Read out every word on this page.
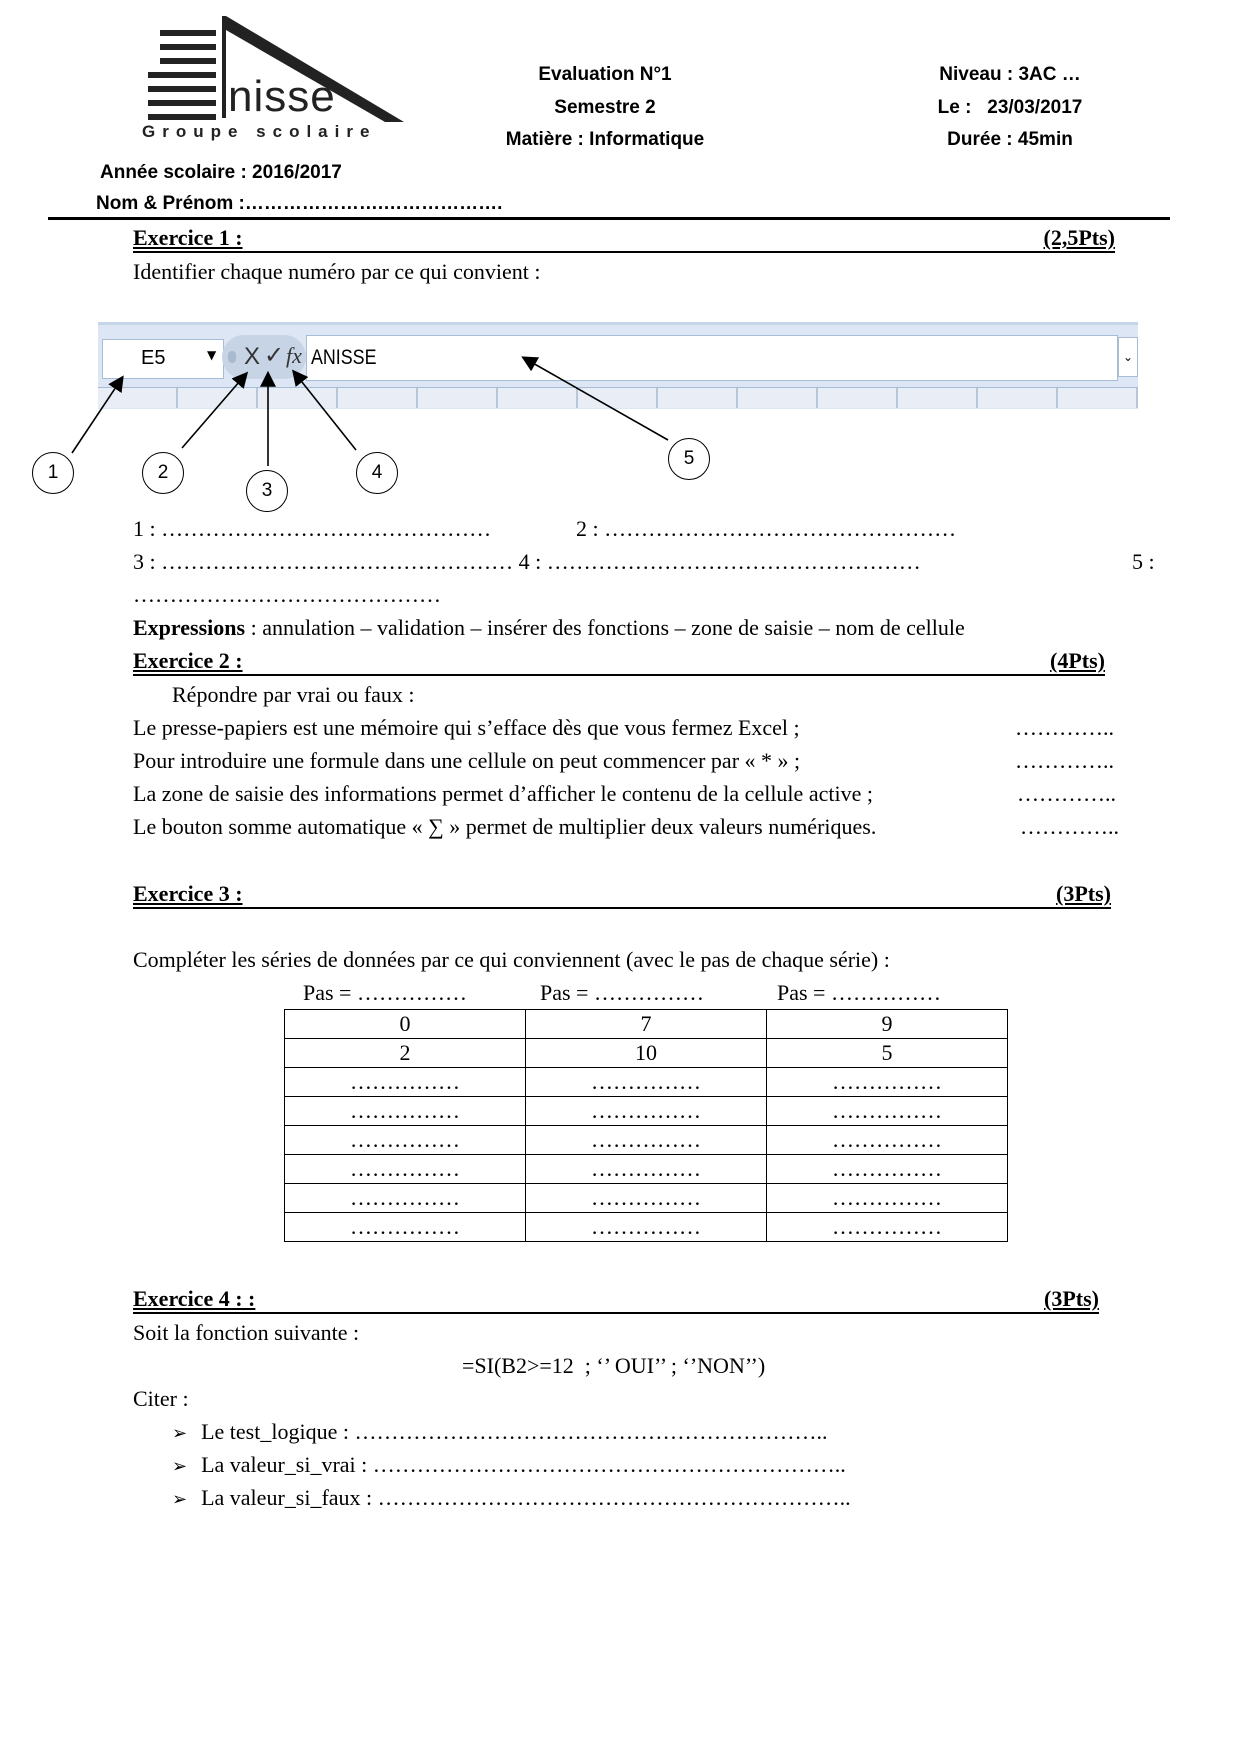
nisse
Groupe scolaire
Evaluation N°1
Semestre 2
Matière : Informatique
Niveau : 3AC …
Le :   23/03/2017
Durée : 45min
Année scolaire : 2016/2017
Nom & Prénom :………………….……………….
Exercice 1 :	(2,5Pts)
Identifier chaque numéro par ce qui convient :
E5	▼ X ✓ fx ANISSE	⌄
1	2
3
4
5
1 : ………………………………………	2 : …………………………………………
3 : ………………………………………… 4 : ……………………………………………	5 :
……………………………………
Expressions : annulation – validation – insérer des fonctions – zone de saisie – nom de cellule
Exercice 2 :	(4Pts)
Répondre par vrai ou faux :
Le presse-papiers est une mémoire qui s’efface dès que vous fermez Excel ;	…………..
Pour introduire une formule dans une cellule on peut commencer par « * » ;	…………..
La zone de saisie des informations permet d’afficher le contenu de la cellule active ;	…………..
Le bouton somme automatique « ∑ » permet de multiplier deux valeurs numériques.	…………..
Exercice 3 :	(3Pts)
Compléter les séries de données par ce qui conviennent (avec le pas de chaque série) :
Pas = ……………	Pas = ……………	Pas = ……………
0	7	9
2	10	5
……………	……………	……………
……………	……………	……………
……………	……………	……………
……………	……………	……………
……………	……………	……………
……………	……………	……………
Exercice 4 : :	(3Pts)
Soit la fonction suivante :
=SI(B2>=12  ; ‘’ OUI’’ ; ‘’NON’’)
Citer :
➢ Le test_logique : ………………………………………………………..
➢ La valeur_si_vrai : ………………………………………………………..
➢ La valeur_si_faux : ………………………………………………………..
